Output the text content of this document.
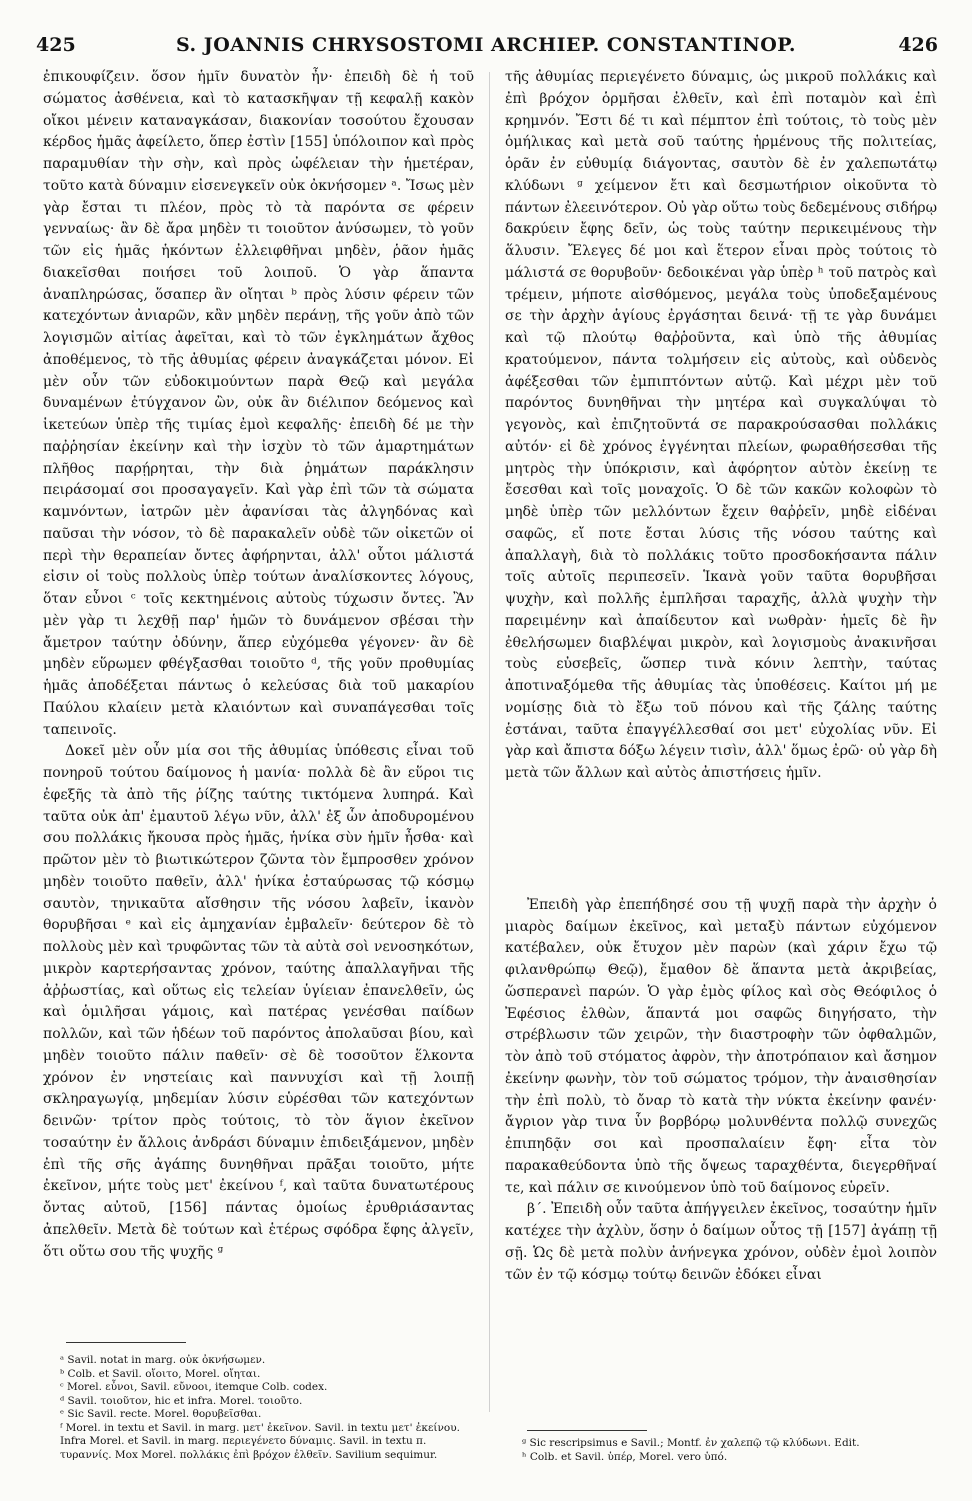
425	S. JOANNIS CHRYSOSTOMI ARCHIEP. CONSTANTINOP.	426

ἐπικουφίζειν. ὅσον ἡμῖν δυνατὸν ἦν· ἐπειδὴ δὲ ἡ τοῦ σώματος ἀσθένεια, καὶ τὸ κατασκῆψαν τῇ κεφαλῇ κακὸν οἴκοι μένειν καταναγκάσαν, διακονίαν τοσούτου ἔχουσαν κέρδος ἡμᾶς ἀφείλετο, ὅπερ ἐστὶν [155] ὑπόλοιπον καὶ πρὸς παραμυθίαν τὴν σὴν, καὶ πρὸς ὠφέλειαν τὴν ἡμετέραν, τοῦτο κατὰ δύναμιν εἰσενεγκεῖν οὐκ ὀκνήσομεν ᵃ. Ἴσως μὲν γὰρ ἔσται τι πλέον, πρὸς τὸ τὰ παρόντα σε φέρειν γενναίως· ἂν δὲ ἄρα μηδὲν τι τοιοῦτον ἀνύσωμεν, τὸ γοῦν τῶν εἰς ἡμᾶς ἡκόντων ἐλλειφθῆναι μηδὲν, ῥᾶον ἡμᾶς διακεῖσθαι ποιήσει τοῦ λοιποῦ. Ὁ γὰρ ἅπαντα ἀναπληρώσας, ὅσαπερ ἂν οἴηται ᵇ πρὸς λύσιν φέρειν τῶν κατεχόντων ἀνιαρῶν, κἂν μηδὲν περάνῃ, τῆς γοῦν ἀπὸ τῶν λογισμῶν αἰτίας ἀφεῖται, καὶ τὸ τῶν ἐγκλημάτων ἄχθος ἀποθέμενος, τὸ τῆς ἀθυμίας φέρειν ἀναγκάζεται μόνον. Εἰ μὲν οὖν τῶν εὐδοκιμούντων παρὰ Θεῷ καὶ μεγάλα δυναμένων ἐτύγχανον ὢν, οὐκ ἂν διέλιπον δεόμενος καὶ ἱκετεύων ὑπὲρ τῆς τιμίας ἐμοὶ κεφαλῆς· ἐπειδὴ δέ με τὴν παῤῥησίαν ἐκείνην καὶ τὴν ἰσχὺν τὸ τῶν ἁμαρτημάτων πλῆθος παρῄρηται, τὴν διὰ ῥημάτων παράκλησιν πειράσομαί σοι προσαγαγεῖν. Καὶ γὰρ ἐπὶ τῶν τὰ σώματα καμνόντων, ἰατρῶν μὲν ἀφανίσαι τὰς ἀλγηδόνας καὶ παῦσαι τὴν νόσον, τὸ δὲ παρακαλεῖν οὐδὲ τῶν οἰκετῶν οἱ περὶ τὴν θεραπείαν ὄντες ἀφήρηνται, ἀλλ' οὗτοι μάλιστά εἰσιν οἱ τοὺς πολλοὺς ὑπὲρ τούτων ἀναλίσκοντες λόγους, ὅταν εὖνοι ᶜ τοῖς κεκτημένοις αὐτοὺς τύχωσιν ὄντες. Ἂν μὲν γὰρ τι λεχθῇ παρ' ἡμῶν τὸ δυνάμενον σβέσαι τὴν ἄμετρον ταύτην ὀδύνην, ἅπερ εὐχόμεθα γέγονεν· ἂν δὲ μηδὲν εὕρωμεν φθέγξασθαι τοιοῦτο ᵈ, τῆς γοῦν προθυμίας ἡμᾶς ἀποδέξεται πάντως ὁ κελεύσας διὰ τοῦ μακαρίου Παύλου κλαίειν μετὰ κλαιόντων καὶ συναπάγεσθαι τοῖς ταπεινοῖς.

Δοκεῖ μὲν οὖν μία σοι τῆς ἀθυμίας ὑπόθεσις εἶναι τοῦ πονηροῦ τούτου δαίμονος ἡ μανία· πολλὰ δὲ ἂν εὕροι τις ἐφεξῆς τὰ ἀπὸ τῆς ῥίζης ταύτης τικτόμενα λυπηρά. Καὶ ταῦτα οὐκ ἀπ' ἐμαυτοῦ λέγω νῦν, ἀλλ' ἐξ ὧν ἀποδυρομένου σου πολλάκις ἤκουσα πρὸς ἡμᾶς, ἡνίκα σὺν ἡμῖν ἦσθα· καὶ πρῶτον μὲν τὸ βιωτικώτερον ζῶντα τὸν ἔμπροσθεν χρόνον μηδὲν τοιοῦτο παθεῖν, ἀλλ' ἡνίκα ἐσταύρωσας τῷ κόσμῳ σαυτὸν, τηνικαῦτα αἴσθησιν τῆς νόσου λαβεῖν, ἱκανὸν θορυβῆσαι ᵉ καὶ εἰς ἀμηχανίαν ἐμβαλεῖν· δεύτερον δὲ τὸ πολλοὺς μὲν καὶ τρυφῶντας τῶν τὰ αὐτὰ σοὶ νενοσηκότων, μικρὸν καρτερήσαντας χρόνον, ταύτης ἀπαλλαγῆναι τῆς ἀῤῥωστίας, καὶ οὕτως εἰς τελείαν ὑγίειαν ἐπανελθεῖν, ὡς καὶ ὁμιλῆσαι γάμοις, καὶ πατέρας γενέσθαι παίδων πολλῶν, καὶ τῶν ἡδέων τοῦ παρόντος ἀπολαῦσαι βίου, καὶ μηδὲν τοιοῦτο πάλιν παθεῖν· σὲ δὲ τοσοῦτον ἕλκοντα χρόνον ἐν νηστείαις καὶ παννυχίσι καὶ τῇ λοιπῇ σκληραγωγίᾳ, μηδεμίαν λύσιν εὑρέσθαι τῶν κατεχόντων δεινῶν· τρίτον πρὸς τούτοις, τὸ τὸν ἅγιον ἐκεῖνον τοσαύτην ἐν ἄλλοις ἀνδράσι δύναμιν ἐπιδειξάμενον, μηδὲν ἐπὶ τῆς σῆς ἀγάπης δυνηθῆναι πρᾶξαι τοιοῦτο, μήτε ἐκεῖνον, μήτε τοὺς μετ' ἐκείνου ᶠ, καὶ ταῦτα δυνατωτέρους ὄντας αὐτοῦ, [156] πάντας ὁμοίως ἐρυθριάσαντας ἀπελθεῖν. Μετὰ δὲ τούτων καὶ ἑτέρως σφόδρα ἔφης ἀλγεῖν, ὅτι οὕτω σου τῆς ψυχῆς ᵍ

τῆς ἀθυμίας περιεγένετο δύναμις, ὡς μικροῦ πολλάκις καὶ ἐπὶ βρόχον ὁρμῆσαι ἐλθεῖν, καὶ ἐπὶ ποταμὸν καὶ ἐπὶ κρημνόν. Ἔστι δέ τι καὶ πέμπτον ἐπὶ τούτοις, τὸ τοὺς μὲν ὁμήλικας καὶ μετὰ σοῦ ταύτης ἡρμένους τῆς πολιτείας, ὁρᾶν ἐν εὐθυμίᾳ διάγοντας, σαυτὸν δὲ ἐν χαλεπωτάτῳ κλύδωνι ᵍ χείμενον ἔτι καὶ δεσμωτήριον οἰκοῦντα τὸ πάντων ἐλεεινότερον. Οὐ γὰρ οὕτω τοὺς δεδεμένους σιδήρῳ δακρύειν ἔφης δεῖν, ὡς τοὺς ταύτην περικειμένους τὴν ἅλυσιν. Ἔλεγες δέ μοι καὶ ἕτερον εἶναι πρὸς τούτοις τὸ μάλιστά σε θορυβοῦν· δεδοικέναι γὰρ ὑπὲρ ʰ τοῦ πατρὸς καὶ τρέμειν, μήποτε αἰσθόμενος, μεγάλα τοὺς ὑποδεξαμένους σε τὴν ἀρχὴν ἁγίους ἐργάσηται δεινά· τῇ τε γὰρ δυνάμει καὶ τῷ πλούτῳ θαῤῥοῦντα, καὶ ὑπὸ τῆς ἀθυμίας κρατούμενον, πάντα τολμήσειν εἰς αὐτοὺς, καὶ οὐδενὸς ἀφέξεσθαι τῶν ἐμπιπτόντων αὐτῷ. Καὶ μέχρι μὲν τοῦ παρόντος δυνηθῆναι τὴν μητέρα καὶ συγκαλύψαι τὸ γεγονὸς, καὶ ἐπιζητοῦντά σε παρακρούσασθαι πολλάκις αὐτόν· εἰ δὲ χρόνος ἐγγένηται πλείων, φωραθήσεσθαι τῆς μητρὸς τὴν ὑπόκρισιν, καὶ ἀφόρητον αὐτὸν ἐκείνῃ τε ἔσεσθαι καὶ τοῖς μοναχοῖς. Ὁ δὲ τῶν κακῶν κολοφὼν τὸ μηδὲ ὑπὲρ τῶν μελλόντων ἔχειν θαῤῥεῖν, μηδὲ εἰδέναι σαφῶς, εἴ ποτε ἔσται λύσις τῆς νόσου ταύτης καὶ ἀπαλλαγὴ, διὰ τὸ πολλάκις τοῦτο προσδοκήσαντα πάλιν τοῖς αὐτοῖς περιπεσεῖν. Ἱκανὰ γοῦν ταῦτα θορυβῆσαι ψυχὴν, καὶ πολλῆς ἐμπλῆσαι ταραχῆς, ἀλλὰ ψυχὴν τὴν παρειμένην καὶ ἀπαίδευτον καὶ νωθρὰν· ἡμεῖς δὲ ἢν ἐθελήσωμεν διαβλέψαι μικρὸν, καὶ λογισμοὺς ἀνακινῆσαι τοὺς εὐσεβεῖς, ὥσπερ τινὰ κόνιν λεπτὴν, ταύτας ἀποτιναξόμεθα τῆς ἀθυμίας τὰς ὑποθέσεις. Καίτοι μή με νομίσῃς διὰ τὸ ἔξω τοῦ πόνου καὶ τῆς ζάλης ταύτης ἑστάναι, ταῦτα ἐπαγγέλλεσθαί σοι μετ' εὐχολίας νῦν. Εἰ γὰρ καὶ ἄπιστα δόξω λέγειν τισὶν, ἀλλ' ὅμως ἐρῶ· οὐ γὰρ δὴ μετὰ τῶν ἄλλων καὶ αὐτὸς ἀπιστήσεις ἡμῖν.

Ἐπειδὴ γὰρ ἐπεπήδησέ σου τῇ ψυχῇ παρὰ τὴν ἀρχὴν ὁ μιαρὸς δαίμων ἐκεῖνος, καὶ μεταξὺ πάντων εὐχόμενον κατέβαλεν, οὐκ ἔτυχον μὲν παρὼν (καὶ χάριν ἔχω τῷ φιλανθρώπῳ Θεῷ), ἔμαθον δὲ ἅπαντα μετὰ ἀκριβείας, ὥσπερανεὶ παρών. Ὁ γὰρ ἐμὸς φίλος καὶ σὸς Θεόφιλος ὁ Ἐφέσιος ἐλθὼν, ἅπαντά μοι σαφῶς διηγήσατο, τὴν στρέβλωσιν τῶν χειρῶν, τὴν διαστροφὴν τῶν ὀφθαλμῶν, τὸν ἀπὸ τοῦ στόματος ἀφρὸν, τὴν ἀποτρόπαιον καὶ ἄσημον ἐκείνην φωνὴν, τὸν τοῦ σώματος τρόμον, τὴν ἀναισθησίαν τὴν ἐπὶ πολὺ, τὸ ὄναρ τὸ κατὰ τὴν νύκτα ἐκείνην φανέν· ἄγριον γὰρ τινα ὗν βορβόρῳ μολυνθέντα πολλῷ συνεχῶς ἐπιπηδᾷν σοι καὶ προσπαλαίειν ἔφη· εἶτα τὸν παρακαθεύδοντα ὑπὸ τῆς ὄψεως ταραχθέντα, διεγερθῆναί τε, καὶ πάλιν σε κινούμενον ὑπὸ τοῦ δαίμονος εὑρεῖν.

β΄. Ἐπειδὴ οὖν ταῦτα ἀπήγγειλεν ἐκεῖνος, τοσαύτην ἡμῖν κατέχεε τὴν ἀχλὺν, ὅσην ὁ δαίμων οὗτος τῇ [157] ἀγάπῃ τῇ σῇ. Ὡς δὲ μετὰ πολὺν ἀνήνεγκα χρόνον, οὐδὲν ἐμοὶ λοιπὸν τῶν ἐν τῷ κόσμῳ τούτῳ δεινῶν ἐδόκει εἶναι

ᵃ Savil. notat in marg. οὐκ ὀκνήσωμεν.

ᵇ Colb. et Savil. οἴοιτο, Morel. οἴηται.

ᶜ Morel. εὖνοι, Savil. εὔνοοι, itemque Colb. codex.

ᵈ Savil. τοιοῦτον, hic et infra. Morel. τοιοῦτο.

ᵉ Sic Savil. recte. Morel. θορυβεῖσθαι.

ᶠ Morel. in textu et Savil. in marg. μετ' ἐκεῖνον. Savil. in textu μετ' ἐκείνου. Infra Morel. et Savil. in marg. περιεγένετο δύναμις. Savil. in textu π. τυραννίς. Mox Morel. πολλάκις ἐπὶ βρόχον ἐλθεῖν. Savilium sequimur.

ᵍ Sic rescripsimus e Savil.; Montf. ἐν χαλεπῷ τῷ κλύδωνι. Edit.

ʰ Colb. et Savil. ὑπέρ, Morel. vero ὑπό.
